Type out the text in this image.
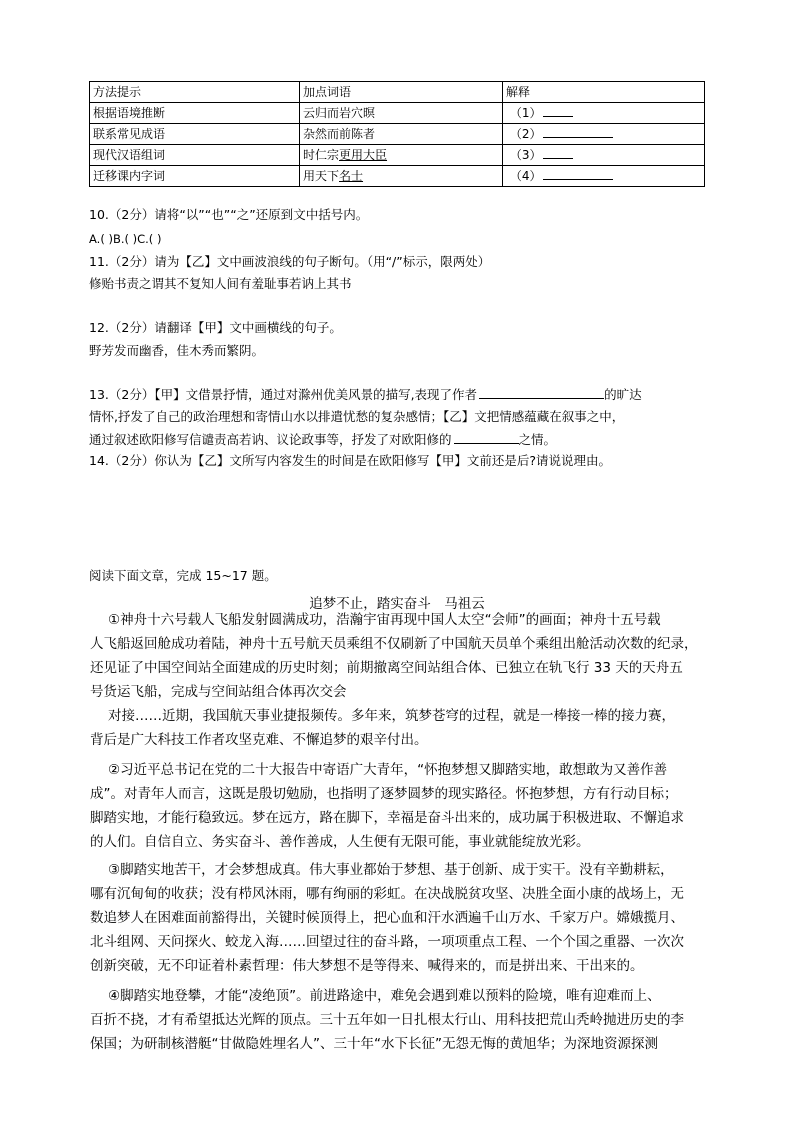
方法提示	加点词语	解释
根据语境推断	云归而岩穴暝	（1）
联系常见成语	杂然而前陈者	（2）
现代汉语组词	时仁宗更用大臣	（3）
迁移课内字词	用天下名士	（4）
10.（2分）请将“以”“也”“之”还原到文中括号内。
A.( )B.( )C.( )
11.（2分）请为【乙】文中画波浪线的句子断句。（用“/”标示，限两处）
修贻书责之谓其不复知人间有羞耻事若讷上其书
12.（2分）请翻译【甲】文中画横线的句子。
野芳发而幽香，佳木秀而繁阴。
13.（2分）【甲】文借景抒情，通过对滁州优美风景的描写,表现了作者	的旷达
情怀,抒发了自己的政治理想和寄情山水以排遣忧愁的复杂感情；【乙】文把情感蕴藏在叙事之中，
通过叙述欧阳修写信谴责高若讷、议论政事等，抒发了对欧阳修的	之情。
14.（2分）你认为【乙】文所写内容发生的时间是在欧阳修写【甲】文前还是后?请说说理由。
阅读下面文章，完成 15~17 题。
追梦不止，踏实奋斗　马祖云
①神舟十六号载人飞船发射圆满成功，浩瀚宇宙再现中国人太空“会师”的画面；神舟十五号载
人飞船返回舱成功着陆，神舟十五号航天员乘组不仅刷新了中国航天员单个乘组出舱活动次数的纪录，
还见证了中国空间站全面建成的历史时刻；前期撤离空间站组合体、已独立在轨飞行 33 天的天舟五
号货运飞船，完成与空间站组合体再次交会
对接……近期，我国航天事业捷报频传。多年来，筑梦苍穹的过程，就是一棒接一棒的接力赛，
背后是广大科技工作者攻坚克难、不懈追梦的艰辛付出。
②习近平总书记在党的二十大报告中寄语广大青年，“怀抱梦想又脚踏实地，敢想敢为又善作善
成”。对青年人而言，这既是殷切勉励，也指明了逐梦圆梦的现实路径。怀抱梦想，方有行动目标；
脚踏实地，才能行稳致远。梦在远方，路在脚下，幸福是奋斗出来的，成功属于积极进取、不懈追求
的人们。自信自立、务实奋斗、善作善成，人生便有无限可能，事业就能绽放光彩。
③脚踏实地苦干，才会梦想成真。伟大事业都始于梦想、基于创新、成于实干。没有辛勤耕耘，
哪有沉甸甸的收获；没有栉风沐雨，哪有绚丽的彩虹。在决战脱贫攻坚、决胜全面小康的战场上，无
数追梦人在困难面前豁得出，关键时候顶得上，把心血和汗水洒遍千山万水、千家万户。嫦娥揽月、
北斗组网、天问探火、蛟龙入海……回望过往的奋斗路，一项项重点工程、一个个国之重器、一次次
创新突破，无不印证着朴素哲理：伟大梦想不是等得来、喊得来的，而是拼出来、干出来的。
④脚踏实地登攀，才能“凌绝顶”。前进路途中，难免会遇到难以预料的险境，唯有迎难而上、
百折不挠，才有希望抵达光辉的顶点。三十五年如一日扎根太行山、用科技把荒山秃岭抛进历史的李
保国；为研制核潜艇“甘做隐姓埋名人”、三十年“水下长征”无怨无悔的黄旭华；为深地资源探测
